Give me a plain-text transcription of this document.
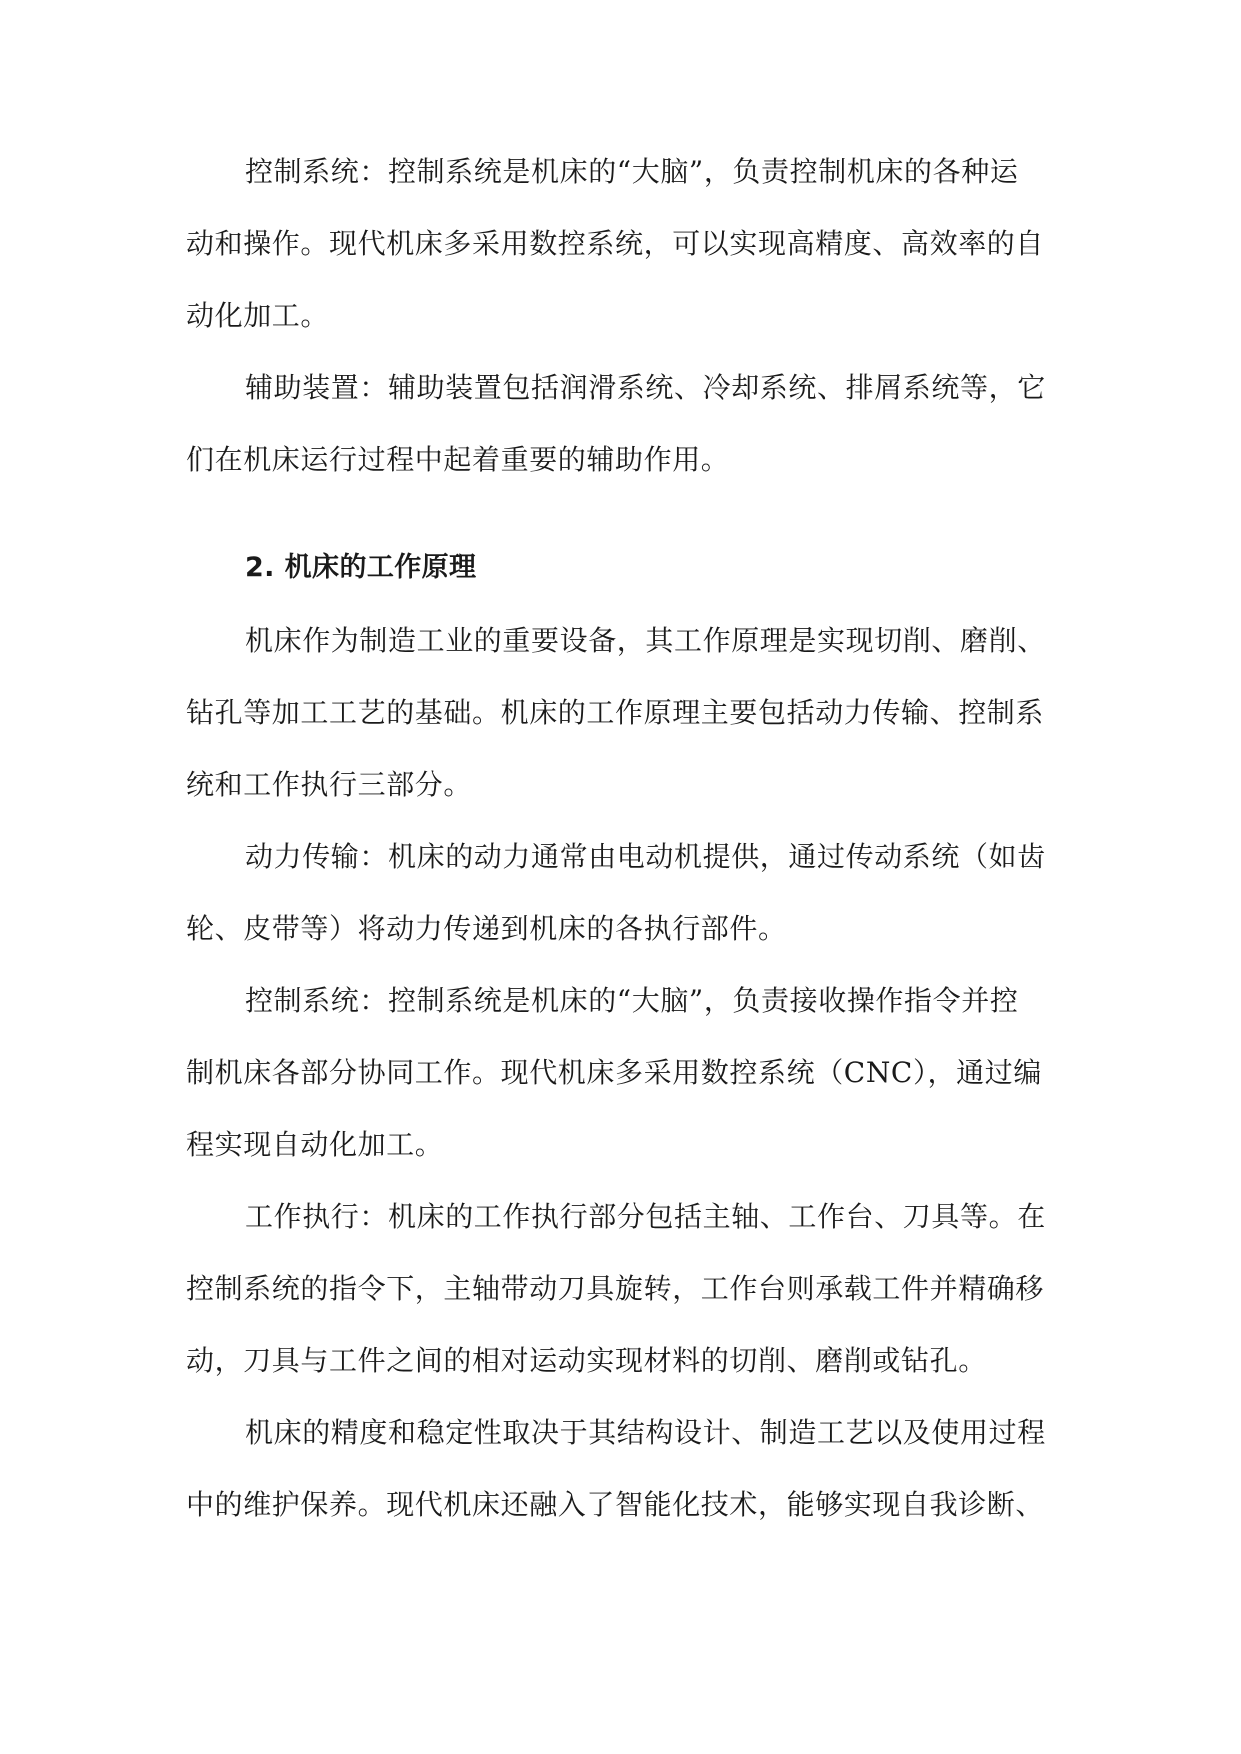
控制系统：控制系统是机床的“大脑”，负责控制机床的各种运
动和操作。现代机床多采用数控系统，可以实现高精度、高效率的自
动化加工。
辅助装置：辅助装置包括润滑系统、冷却系统、排屑系统等，它
们在机床运行过程中起着重要的辅助作用。
2. 机床的工作原理
机床作为制造工业的重要设备，其工作原理是实现切削、磨削、
钻孔等加工工艺的基础。机床的工作原理主要包括动力传输、控制系
统和工作执行三部分。
动力传输：机床的动力通常由电动机提供，通过传动系统（如齿
轮、皮带等）将动力传递到机床的各执行部件。
控制系统：控制系统是机床的“大脑”，负责接收操作指令并控
制机床各部分协同工作。现代机床多采用数控系统（CNC），通过编
程实现自动化加工。
工作执行：机床的工作执行部分包括主轴、工作台、刀具等。在
控制系统的指令下，主轴带动刀具旋转，工作台则承载工件并精确移
动，刀具与工件之间的相对运动实现材料的切削、磨削或钻孔。
机床的精度和稳定性取决于其结构设计、制造工艺以及使用过程
中的维护保养。现代机床还融入了智能化技术，能够实现自我诊断、
